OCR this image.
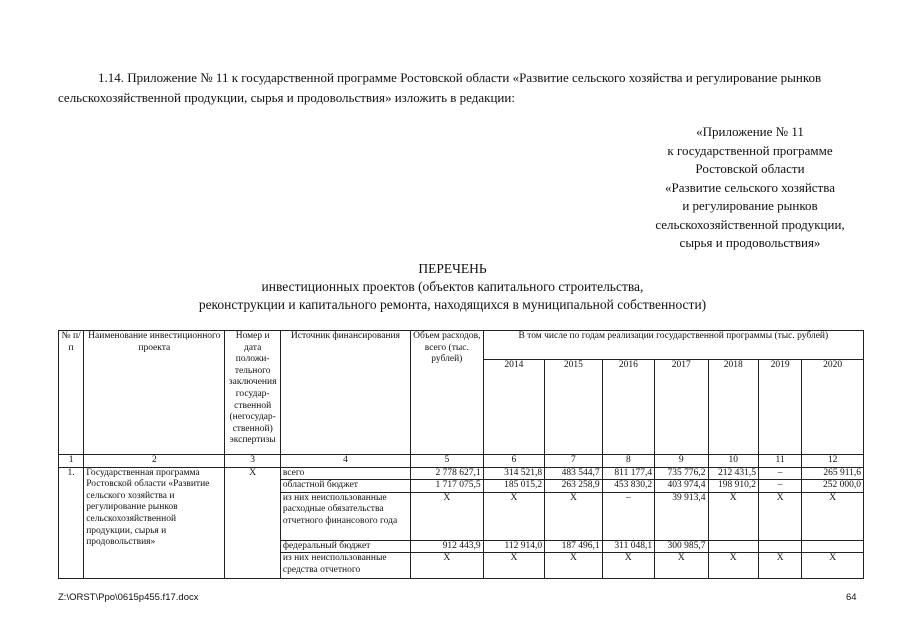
1.14. Приложение № 11 к государственной программе Ростовской области «Развитие сельского хозяйства и регулирование рынков сельскохозяйственной продукции, сырья и продовольствия» изложить в редакции:
«Приложение № 11
к государственной программе
Ростовской области
«Развитие сельского хозяйства
и регулирование рынков
сельскохозяйственной продукции,
сырья и продовольствия»
ПЕРЕЧЕНЬ
инвестиционных проектов (объектов капитального строительства,
реконструкции и капитального ремонта, находящихся в муниципальной собственности)
№ п/п	Наименование инвестиционного проекта	Номер и дата положи-тельного заключения государ-ственной (негосудар-ственной) экспертизы	Источник финансирования	Объем расходов, всего (тыс. рублей)	В том числе по годам реализации государственной программы (тыс. рублей)						
					2014	2015	2016	2017	2018	2019	2020
1	2	3	4	5	6	7	8	9	10	11	12
1.	Государственная программа Ростовской области «Развитие сельского хозяйства и регулирование рынков сельскохозяйственной продукции, сырья и продовольствия»	Х	всего	2 778 627,1	314 521,8	483 544,7	811 177,4	735 776,2	212 431,5	–	265 911,6
			областной бюджет	1 717 075,5	185 015,2	263 258,9	453 830,2	403 974,4	198 910,2	–	252 000,0
			из них неиспользованные расходные обязательства отчетного финансового года	Х	Х	Х	–	39 913,4	Х	Х	Х
			федеральный бюджет	912 443,9	112 914,0	187 496,1	311 048,1	300 985,7			
			из них неиспользованные средства отчетного	Х	Х	Х	Х	Х	Х	Х	Х
Z:\ORST\Ppo\0615p455.f17.docx	64
